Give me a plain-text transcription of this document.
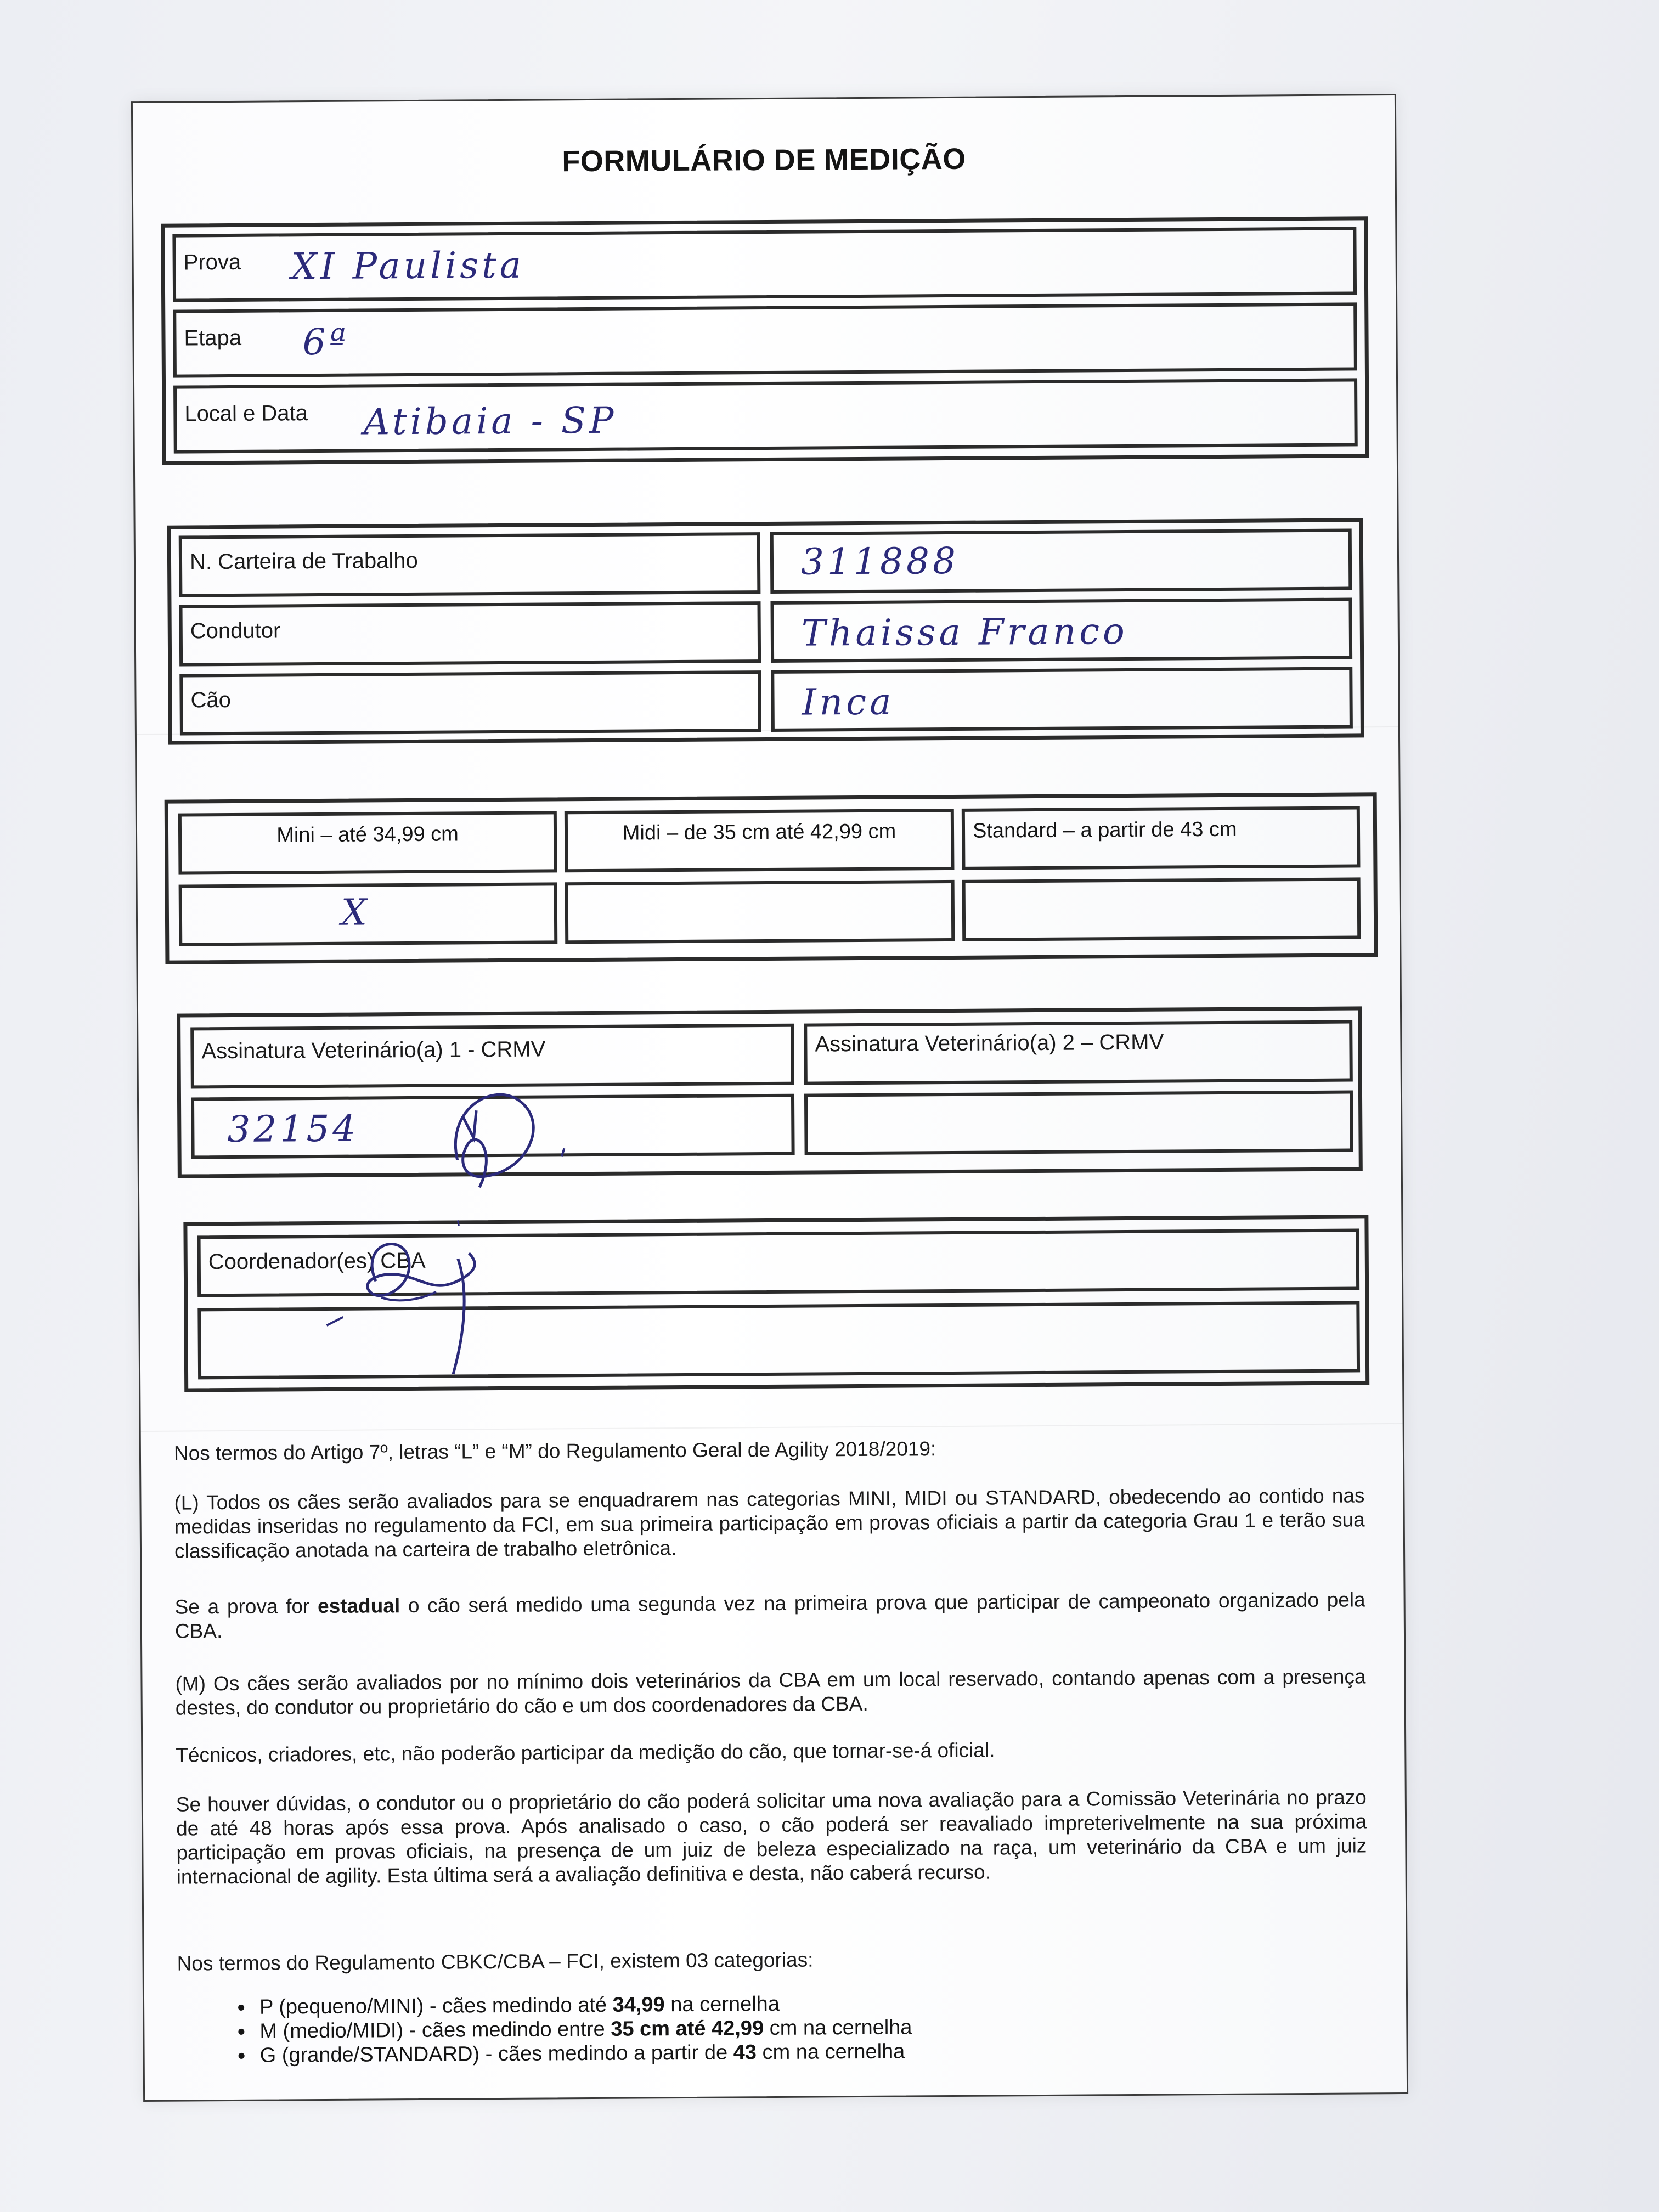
FORMULÁRIO DE MEDIÇÃO
Prova XI Paulista
Etapa 6ª
Local e Data Atibaia - SP
N. Carteira de Trabalho	311888
Condutor	Thaissa Franco
Cão	Inca
Mini – até 34,99 cm	Midi – de 35 cm até 42,99 cm	Standard – a partir de 43 cm
X
Assinatura Veterinário(a) 1 - CRMV	Assinatura Veterinário(a) 2 – CRMV
32154
Coordenador(es) CBA

Nos termos do Artigo 7º, letras “L” e “M” do Regulamento Geral de Agility 2018/2019:

(L) Todos os cães serão avaliados para se enquadrarem nas categorias MINI, MIDI ou STANDARD, obedecendo ao contido nas medidas inseridas no regulamento da FCI, em sua primeira participação em provas oficiais a partir da categoria Grau 1 e terão sua classificação anotada na carteira de trabalho eletrônica.

Se a prova for estadual o cão será medido uma segunda vez na primeira prova que participar de campeonato organizado pela CBA.

(M) Os cães serão avaliados por no mínimo dois veterinários da CBA em um local reservado, contando apenas com a presença destes, do condutor ou proprietário do cão e um dos coordenadores da CBA.

Técnicos, criadores, etc, não poderão participar da medição do cão, que tornar-se-á oficial.

Se houver dúvidas, o condutor ou o proprietário do cão poderá solicitar uma nova avaliação para a Comissão Veterinária no prazo de até 48 horas após essa prova. Após analisado o caso, o cão poderá ser reavaliado impreterivelmente na sua próxima participação em provas oficiais, na presença de um juiz de beleza especializado na raça, um veterinário da CBA e um juiz internacional de agility. Esta última será a avaliação definitiva e desta, não caberá recurso.

Nos termos do Regulamento CBKC/CBA – FCI, existem 03 categorias:

• P (pequeno/MINI) - cães medindo até 34,99 na cernelha
• M (medio/MIDI) - cães medindo entre 35 cm até 42,99 cm na cernelha
• G (grande/STANDARD) - cães medindo a partir de 43 cm na cernelha
